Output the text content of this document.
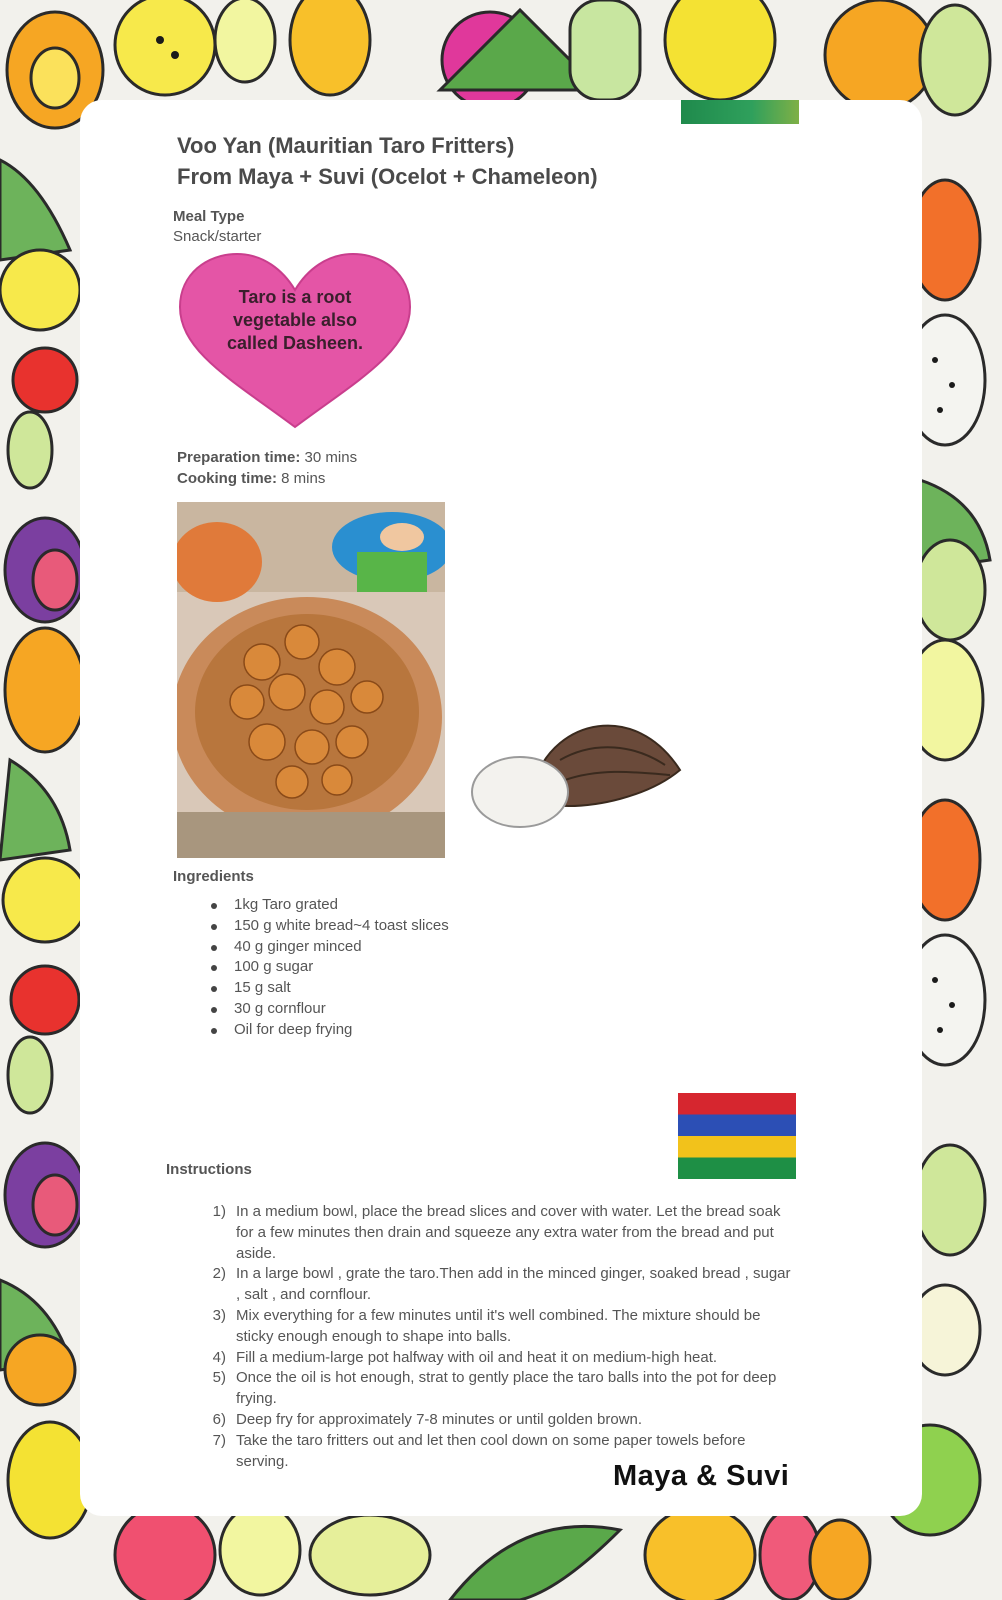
Voo Yan (Mauritian Taro Fritters)
From Maya + Suvi (Ocelot + Chameleon)
Meal Type
Snack/starter
Taro is a root vegetable also called Dasheen.
Preparation time: 30 mins
Cooking time: 8 mins
Ingredients
1kg Taro grated
150 g white bread~4 toast slices
40 g ginger minced
100 g sugar
15 g salt
30 g cornflour
Oil for deep frying
Instructions
1) In a medium bowl, place the bread slices and cover with water. Let the bread soak for a few minutes then drain and squeeze any extra water from the bread and put aside.
2) In a large bowl , grate the taro.Then add in the minced ginger, soaked bread , sugar , salt , and cornflour.
3) Mix everything for a few minutes until it's well combined. The mixture should be sticky enough enough to shape into balls.
4) Fill a medium-large pot halfway with oil and heat it on medium-high heat.
5) Once the oil is hot enough, strat to gently place the taro balls into the pot for deep frying.
6) Deep fry for approximately 7-8 minutes or until golden brown.
7) Take the taro fritters out and let then cool down on some paper towels before serving.	Maya & Suvi
